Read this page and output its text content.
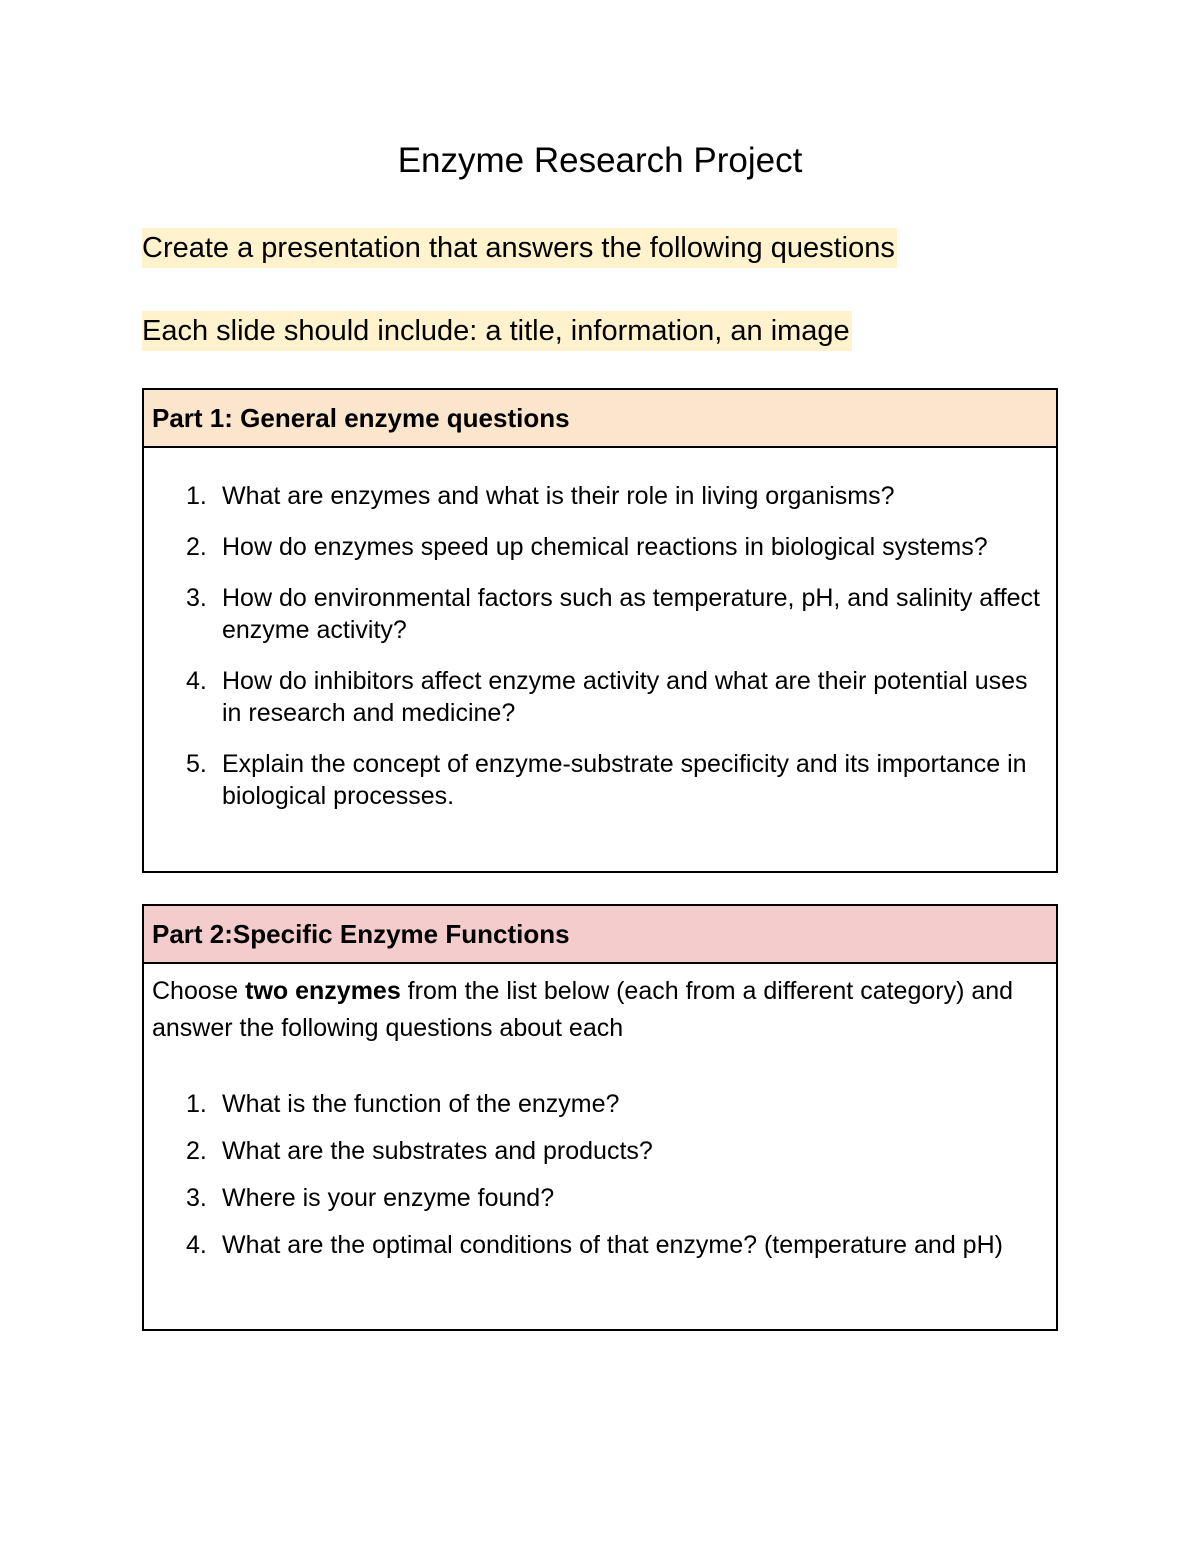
Enzyme Research Project
Create a presentation that answers the following questions
Each slide should include: a title, information, an image
Part 1: General enzyme questions
1. What are enzymes and what is their role in living organisms?
2. How do enzymes speed up chemical reactions in biological systems?
3. How do environmental factors such as temperature, pH, and salinity affect enzyme activity?
4. How do inhibitors affect enzyme activity and what are their potential uses in research and medicine?
5. Explain the concept of enzyme-substrate specificity and its importance in biological processes.
Part 2:Specific Enzyme Functions

Choose two enzymes from the list below (each from a different category) and answer the following questions about each

1. What is the function of the enzyme?
2. What are the substrates and products?
3. Where is your enzyme found?
4. What are the optimal conditions of that enzyme? (temperature and pH)
